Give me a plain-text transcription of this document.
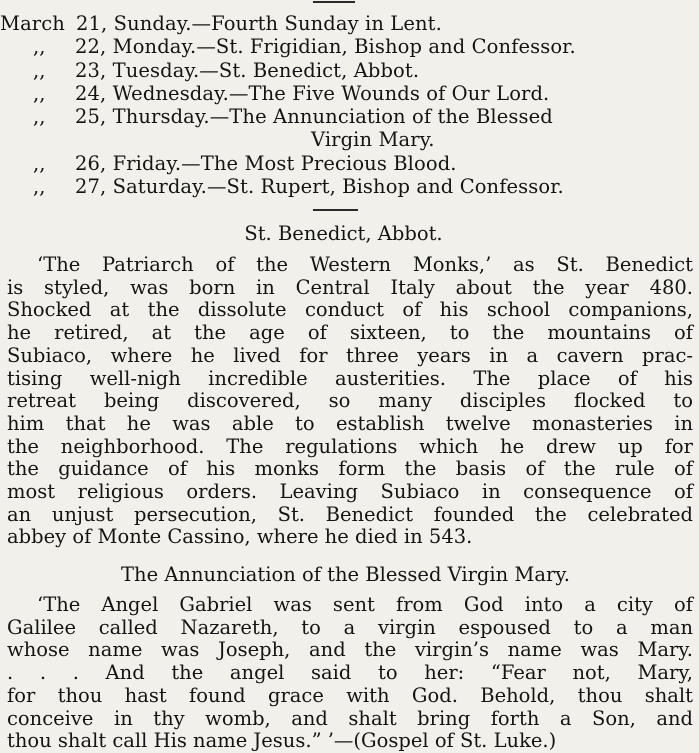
March 21, Sunday.—Fourth Sunday in Lent.
,, 22, Monday.—St. Frigidian, Bishop and Confessor.
,, 23, Tuesday.—St. Benedict, Abbot.
,, 24, Wednesday.—The Five Wounds of Our Lord.
,, 25, Thursday.—The Annunciation of the Blessed
Virgin Mary.
,, 26, Friday.—The Most Precious Blood.
,, 27, Saturday.—St. Rupert, Bishop and Confessor.
St. Benedict, Abbot.
‘The Patriarch of the Western Monks,’ as St. Benedict
is styled, was born in Central Italy about the year 480.
Shocked at the dissolute conduct of his school companions,
he retired, at the age of sixteen, to the mountains of
Subiaco, where he lived for three years in a cavern prac-
tising well-nigh incredible austerities. The place of his
retreat being discovered, so many disciples flocked to
him that he was able to establish twelve monasteries in
the neighborhood. The regulations which he drew up for
the guidance of his monks form the basis of the rule of
most religious orders. Leaving Subiaco in consequence of
an unjust persecution, St. Benedict founded the celebrated
abbey of Monte Cassino, where he died in 543.
The Annunciation of the Blessed Virgin Mary.
‘The Angel Gabriel was sent from God into a city of
Galilee called Nazareth, to a virgin espoused to a man
whose name was Joseph, and the virgin’s name was Mary.
. . . And the angel said to her: “Fear not, Mary,
for thou hast found grace with God. Behold, thou shalt
conceive in thy womb, and shalt bring forth a Son, and
thou shalt call His name Jesus.” ’—(Gospel of St. Luke.)
